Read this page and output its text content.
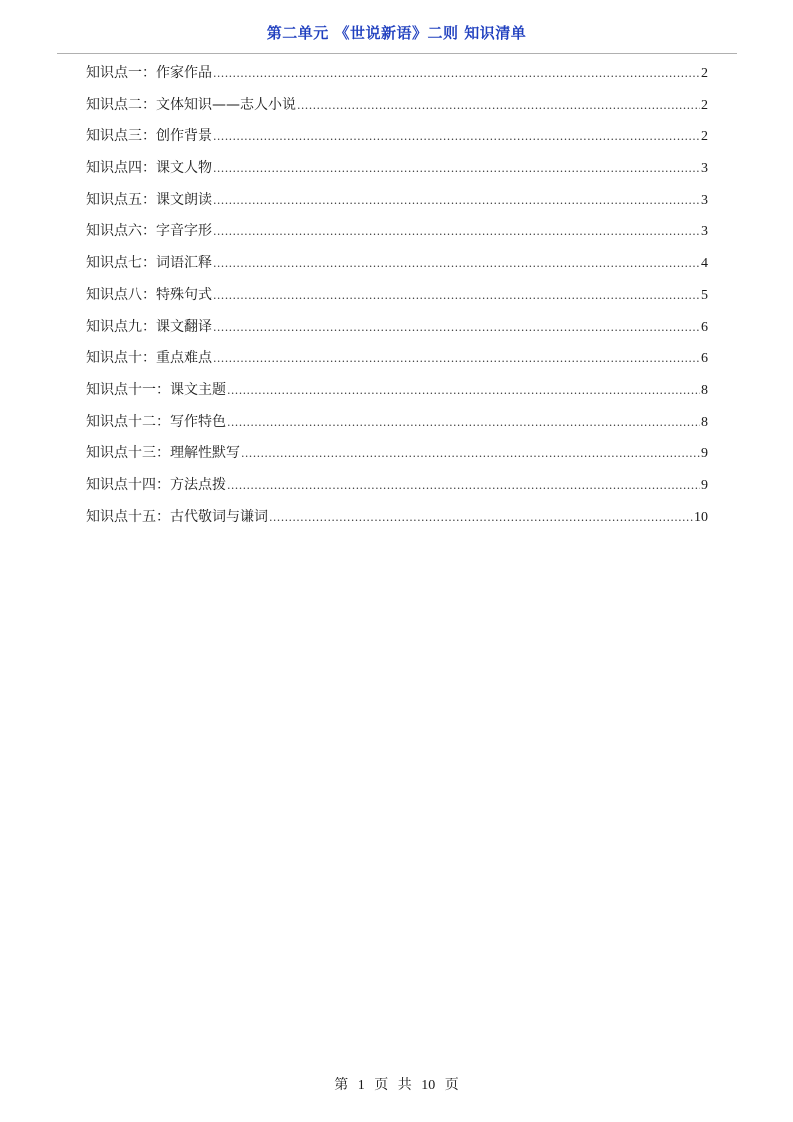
第二单元 《世说新语》二则 知识清单
知识点一：作家作品 .....	2
知识点二：文体知识——志人小说 .....	2
知识点三：创作背景 .....	2
知识点四：课文人物 .....	3
知识点五：课文朗读 .....	3
知识点六：字音字形 .....	3
知识点七：词语汇释 .....	4
知识点八：特殊句式 .....	5
知识点九：课文翻译 .....	6
知识点十：重点难点 .....	6
知识点十一：课文主题 .....	8
知识点十二：写作特色 .....	8
知识点十三：理解性默写 .....	9
知识点十四：方法点拨 .....	9
知识点十五：古代敬词与谦词 .....	10
第 1 页 共 10 页
